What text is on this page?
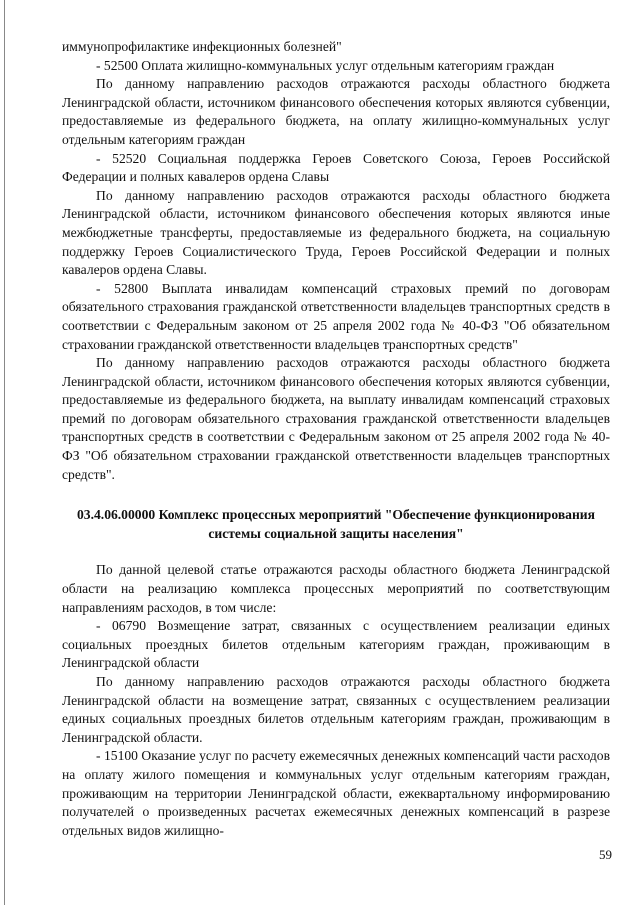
иммунопрофилактике инфекционных болезней"

- 52500 Оплата жилищно-коммунальных услуг отдельным категориям граждан

По данному направлению расходов отражаются расходы областного бюджета Ленинградской области, источником финансового обеспечения которых являются субвенции, предоставляемые из федерального бюджета, на оплату жилищно-коммунальных услуг отдельным категориям граждан

- 52520 Социальная поддержка Героев Советского Союза, Героев Российской Федерации и полных кавалеров ордена Славы

По данному направлению расходов отражаются расходы областного бюджета Ленинградской области, источником финансового обеспечения которых являются иные межбюджетные трансферты, предоставляемые из федерального бюджета, на социальную поддержку Героев Социалистического Труда, Героев Российской Федерации и полных кавалеров ордена Славы.

- 52800 Выплата инвалидам компенсаций страховых премий по договорам обязательного страхования гражданской ответственности владельцев транспортных средств в соответствии с Федеральным законом от 25 апреля 2002 года № 40-ФЗ "Об обязательном страховании гражданской ответственности владельцев транспортных средств"

По данному направлению расходов отражаются расходы областного бюджета Ленинградской области, источником финансового обеспечения которых являются субвенции, предоставляемые из федерального бюджета, на выплату инвалидам компенсаций страховых премий по договорам обязательного страхования гражданской ответственности владельцев транспортных средств в соответствии с Федеральным законом от 25 апреля 2002 года № 40-ФЗ "Об обязательном страховании гражданской ответственности владельцев транспортных средств".

03.4.06.00000 Комплекс процессных мероприятий "Обеспечение функционирования системы социальной защиты населения"

По данной целевой статье отражаются расходы областного бюджета Ленинградской области на реализацию комплекса процессных мероприятий по соответствующим направлениям расходов, в том числе:

- 06790 Возмещение затрат, связанных с осуществлением реализации единых социальных проездных билетов отдельным категориям граждан, проживающим в Ленинградской области

По данному направлению расходов отражаются расходы областного бюджета Ленинградской области на возмещение затрат, связанных с осуществлением реализации единых социальных проездных билетов отдельным категориям граждан, проживающим в Ленинградской области.

- 15100 Оказание услуг по расчету ежемесячных денежных компенсаций части расходов на оплату жилого помещения и коммунальных услуг отдельным категориям граждан, проживающим на территории Ленинградской области, ежеквартальному информированию получателей о произведенных расчетах ежемесячных денежных компенсаций в разрезе отдельных видов жилищно-

59
